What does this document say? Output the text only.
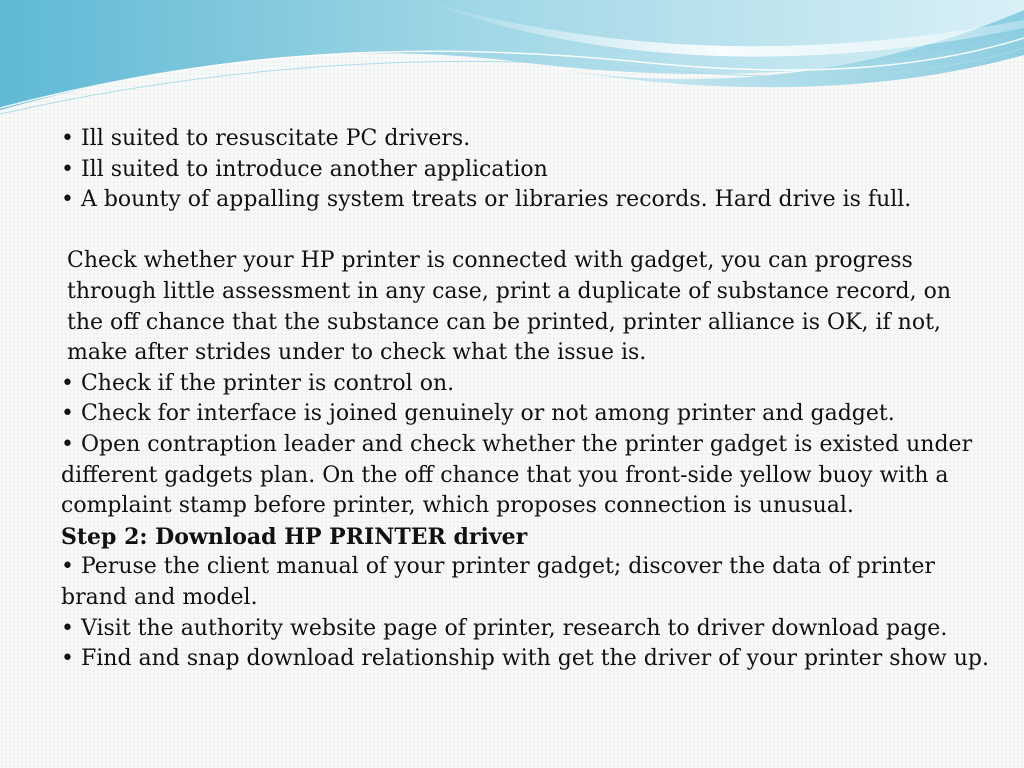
• Ill suited to resuscitate PC drivers.
• Ill suited to introduce another application
• A bounty of appalling system treats or libraries records. Hard drive is full.
Check whether your HP printer is connected with gadget, you can progress through little assessment in any case, print a duplicate of substance record, on the off chance that the substance can be printed, printer alliance is OK, if not, make after strides under to check what the issue is.
• Check if the printer is control on.
• Check for interface is joined genuinely or not among printer and gadget.
• Open contraption leader and check whether the printer gadget is existed under different gadgets plan. On the off chance that you front-side yellow buoy with a complaint stamp before printer, which proposes connection is unusual.
Step 2: Download HP PRINTER driver
• Peruse the client manual of your printer gadget; discover the data of printer brand and model.
• Visit the authority website page of printer, research to driver download page.
• Find and snap download relationship with get the driver of your printer show up.
